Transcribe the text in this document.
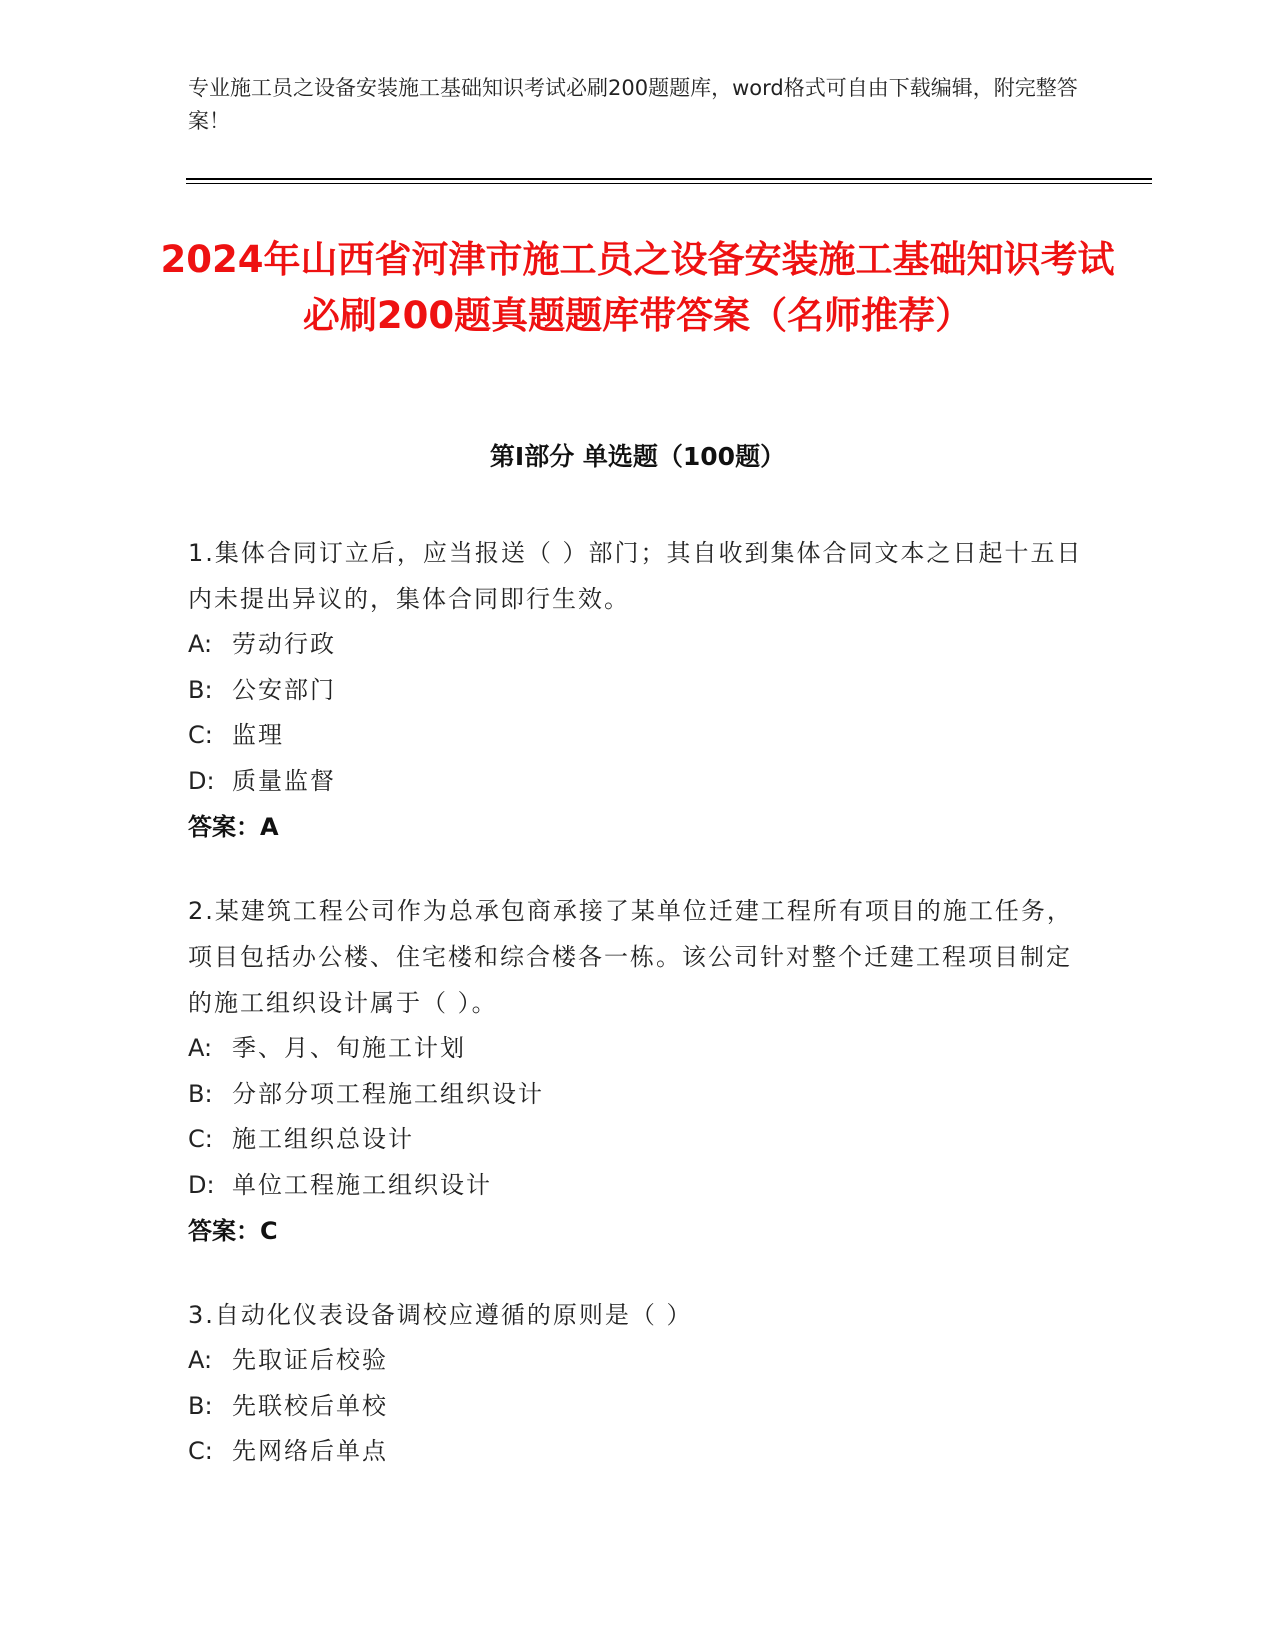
专业施工员之设备安装施工基础知识考试必刷200题题库，word格式可自由下载编辑，附完整答案！
2024年山西省河津市施工员之设备安装施工基础知识考试必刷200题真题题库带答案（名师推荐）
第Ⅰ部分 单选题（100题）
1.集体合同订立后，应当报送（ ）部门；其自收到集体合同文本之日起十五日内未提出异议的，集体合同即行生效。
A: 劳动行政
B: 公安部门
C: 监理
D: 质量监督
答案：A
2.某建筑工程公司作为总承包商承接了某单位迁建工程所有项目的施工任务，项目包括办公楼、住宅楼和综合楼各一栋。该公司针对整个迁建工程项目制定的施工组织设计属于（ ）。
A: 季、月、旬施工计划
B: 分部分项工程施工组织设计
C: 施工组织总设计
D: 单位工程施工组织设计
答案：C
3.自动化仪表设备调校应遵循的原则是（ ）
A: 先取证后校验
B: 先联校后单校
C: 先网络后单点
